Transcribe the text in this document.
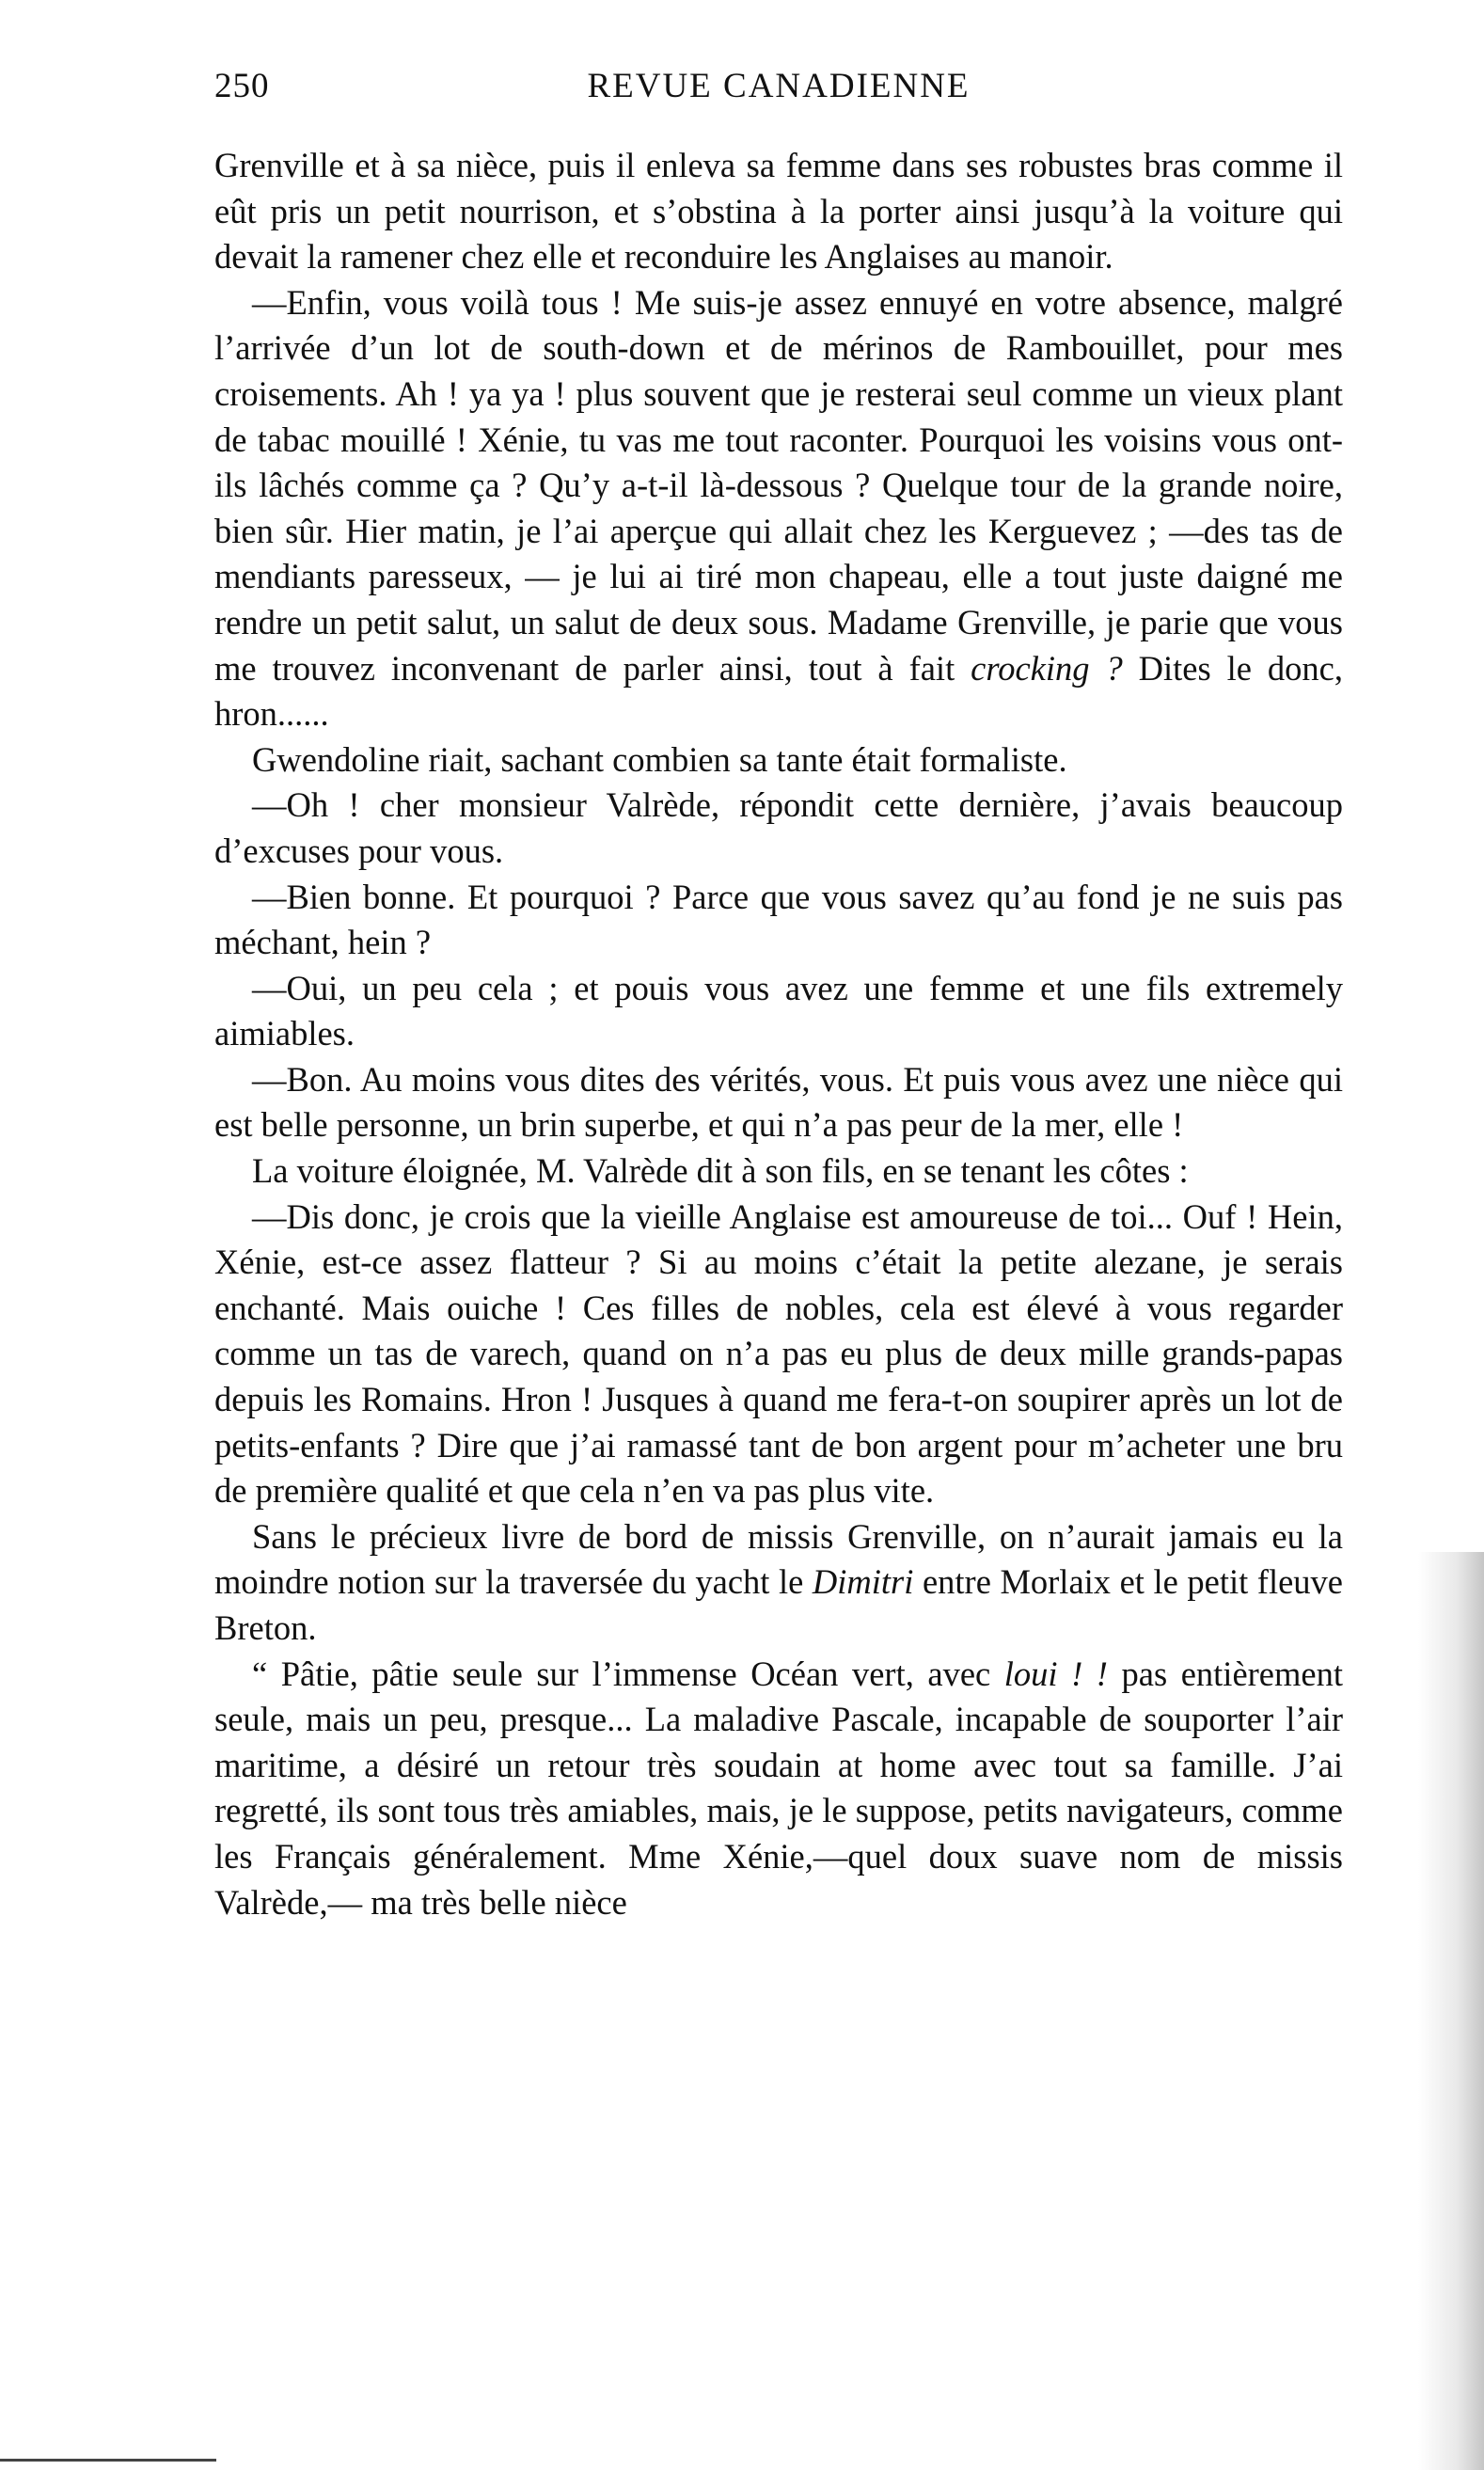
250	REVUE CANADIENNE

Grenville et à sa nièce, puis il enleva sa femme dans ses robustes bras comme il eût pris un petit nourrison, et s’obstina à la porter ainsi jusqu’à la voiture qui devait la ramener chez elle et reconduire les Anglaises au manoir.

—Enfin, vous voilà tous ! Me suis-je assez ennuyé en votre absence, malgré l’arrivée d’un lot de south-down et de mérinos de Rambouillet, pour mes croisements. Ah ! ya ya ! plus souvent que je resterai seul comme un vieux plant de tabac mouillé ! Xénie, tu vas me tout raconter. Pourquoi les voisins vous ont-ils lâchés comme ça ? Qu’y a-t-il là-dessous ? Quelque tour de la grande noire, bien sûr. Hier matin, je l’ai aperçue qui allait chez les Kerguevez ; —des tas de mendiants paresseux, — je lui ai tiré mon chapeau, elle a tout juste daigné me rendre un petit salut, un salut de deux sous. Madame Grenville, je parie que vous me trouvez inconvenant de parler ainsi, tout à fait crocking ? Dites le donc, hron......

Gwendoline riait, sachant combien sa tante était formaliste.

—Oh ! cher monsieur Valrède, répondit cette dernière, j’avais beaucoup d’excuses pour vous.

—Bien bonne. Et pourquoi ? Parce que vous savez qu’au fond je ne suis pas méchant, hein ?

—Oui, un peu cela ; et pouis vous avez une femme et une fils extremely aimiables.

—Bon. Au moins vous dites des vérités, vous. Et puis vous avez une nièce qui est belle personne, un brin superbe, et qui n’a pas peur de la mer, elle !

La voiture éloignée, M. Valrède dit à son fils, en se tenant les côtes :

—Dis donc, je crois que la vieille Anglaise est amoureuse de toi... Ouf ! Hein, Xénie, est-ce assez flatteur ? Si au moins c’était la petite alezane, je serais enchanté. Mais ouiche ! Ces filles de nobles, cela est élevé à vous regarder comme un tas de varech, quand on n’a pas eu plus de deux mille grands-papas depuis les Romains. Hron ! Jusques à quand me fera-t-on soupirer après un lot de petits-enfants ? Dire que j’ai ramassé tant de bon argent pour m’acheter une bru de première qualité et que cela n’en va pas plus vite.

Sans le précieux livre de bord de missis Grenville, on n’aurait jamais eu la moindre notion sur la traversée du yacht le Dimitri entre Morlaix et le petit fleuve Breton.

“ Pâtie, pâtie seule sur l’immense Océan vert, avec loui ! ! pas entièrement seule, mais un peu, presque... La maladive Pascale, incapable de souporter l’air maritime, a désiré un retour très soudain at home avec tout sa famille. J’ai regretté, ils sont tous très amiables, mais, je le suppose, petits navigateurs, comme les Français généralement. Mme Xénie,—quel doux suave nom de missis Valrède,— ma très belle nièce
